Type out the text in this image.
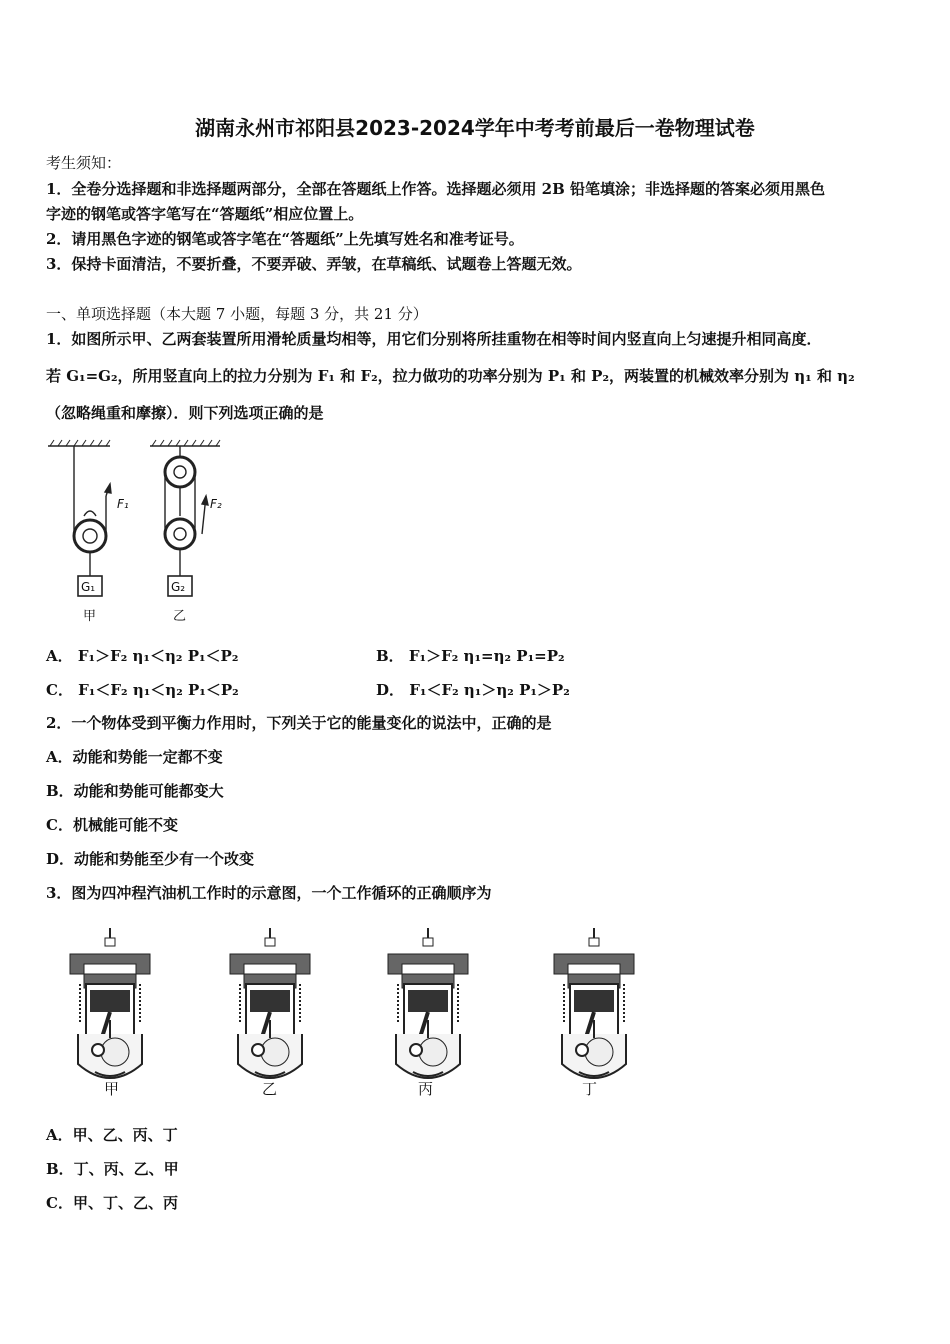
湖南永州市祁阳县2023-2024学年中考考前最后一卷物理试卷
考生须知：
1．全卷分选择题和非选择题两部分，全部在答题纸上作答。选择题必须用 2B 铅笔填涂；非选择题的答案必须用黑色
字迹的钢笔或答字笔写在“答题纸”相应位置上。
2．请用黑色字迹的钢笔或答字笔在“答题纸”上先填写姓名和准考证号。
3．保持卡面清洁，不要折叠，不要弄破、弄皱，在草稿纸、试题卷上答题无效。
一、单项选择题（本大题 7 小题，每题 3 分，共 21 分）
1．如图所示甲、乙两套装置所用滑轮质量均相等，用它们分别将所挂重物在相等时间内竖直向上匀速提升相同高度．
若 G₁=G₂，所用竖直向上的拉力分别为 F₁ 和 F₂，拉力做功的功率分别为 P₁ 和 P₂，两装置的机械效率分别为 η₁ 和 η₂
（忽略绳重和摩擦）．则下列选项正确的是
F₁	F₂
G₁	G₂
甲	乙
A． F₁＞F₂ η₁＜η₂ P₁＜P₂	B． F₁＞F₂ η₁=η₂ P₁=P₂
C． F₁＜F₂ η₁＜η₂ P₁＜P₂	D． F₁＜F₂ η₁＞η₂ P₁＞P₂
2．一个物体受到平衡力作用时，下列关于它的能量变化的说法中，正确的是
A．动能和势能一定都不变
B．动能和势能可能都变大
C．机械能可能不变
D．动能和势能至少有一个改变
3．图为四冲程汽油机工作时的示意图，一个工作循环的正确顺序为
甲	乙	丙	丁
A．甲、乙、丙、丁
B．丁、丙、乙、甲
C．甲、丁、乙、丙
